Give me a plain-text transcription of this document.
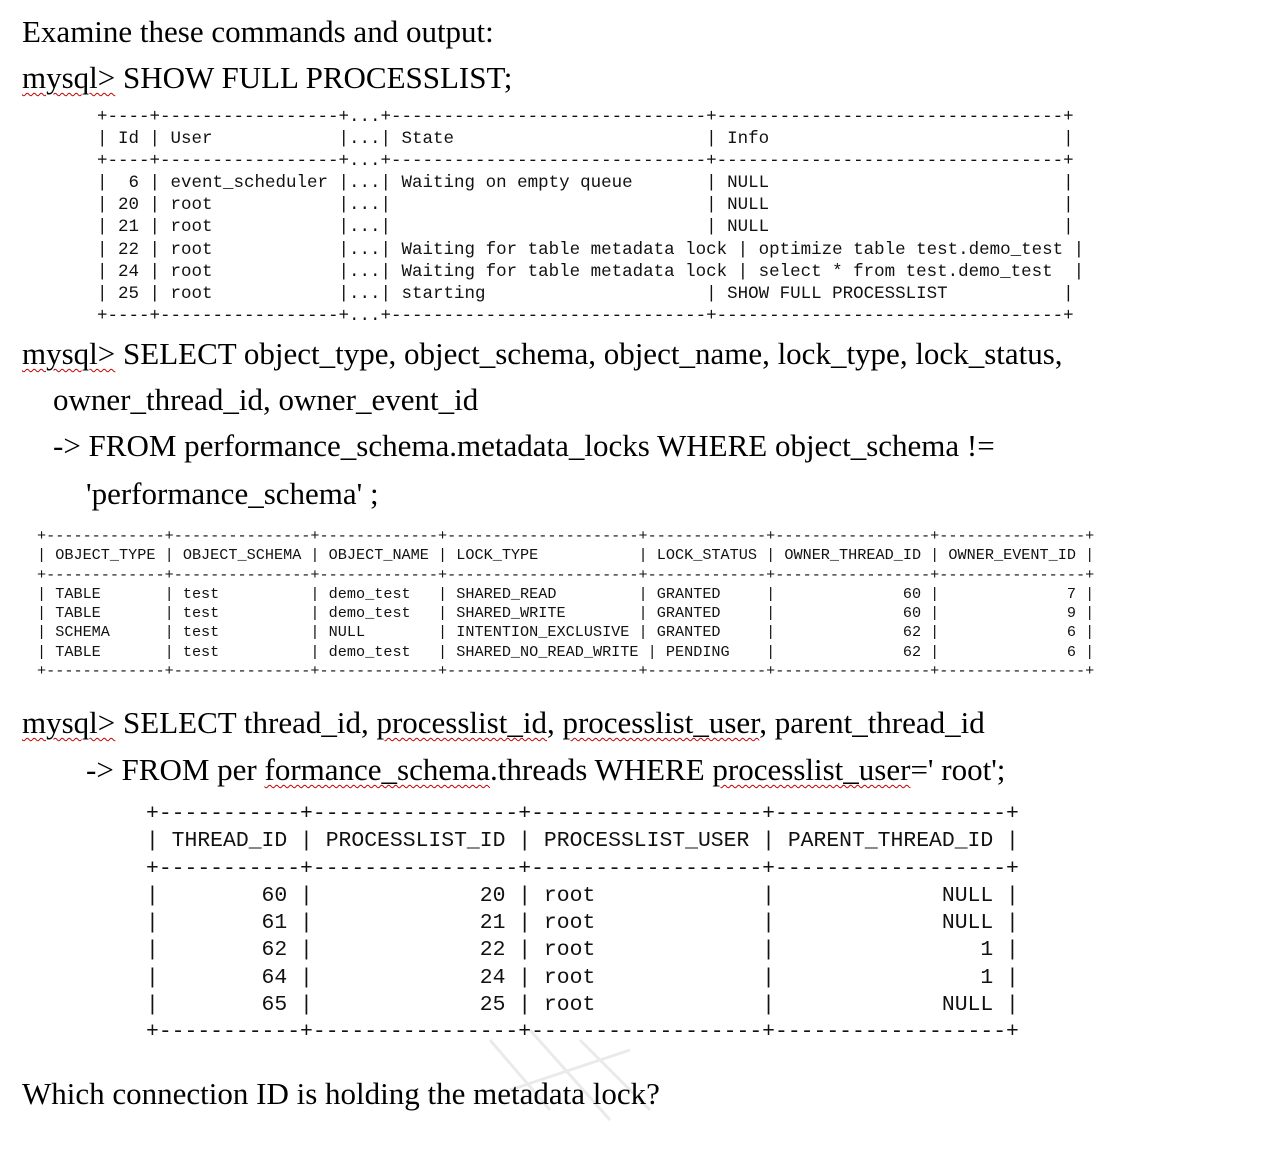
Examine these commands and output:

mysql> SHOW FULL PROCESSLIST;

+----+-----------------+...+------------------------------+---------------------------------+
| Id | User            |...| State                        | Info                            |
+----+-----------------+...+------------------------------+---------------------------------+
|  6 | event_scheduler |...| Waiting on empty queue       | NULL                            |
| 20 | root            |...|                              | NULL                            |
| 21 | root            |...|                              | NULL                            |
| 22 | root            |...| Waiting for table metadata lock | optimize table test.demo_test |
| 24 | root            |...| Waiting for table metadata lock | select * from test.demo_test  |
| 25 | root            |...| starting                     | SHOW FULL PROCESSLIST           |
+----+-----------------+...+------------------------------+---------------------------------+

mysql> SELECT object_type, object_schema, object_name, lock_type, lock_status,

owner_thread_id, owner_event_id

-> FROM performance_schema.metadata_locks WHERE object_schema !=

'performance_schema' ;

+-------------+---------------+-------------+---------------------+-------------+-----------------+----------------+
| OBJECT_TYPE | OBJECT_SCHEMA | OBJECT_NAME | LOCK_TYPE           | LOCK_STATUS | OWNER_THREAD_ID | OWNER_EVENT_ID |
+-------------+---------------+-------------+---------------------+-------------+-----------------+----------------+
| TABLE       | test          | demo_test   | SHARED_READ         | GRANTED     |              60 |              7 |
| TABLE       | test          | demo_test   | SHARED_WRITE        | GRANTED     |              60 |              9 |
| SCHEMA      | test          | NULL        | INTENTION_EXCLUSIVE | GRANTED     |              62 |              6 |
| TABLE       | test          | demo_test   | SHARED_NO_READ_WRITE | PENDING    |              62 |              6 |
+-------------+---------------+-------------+---------------------+-------------+-----------------+----------------+

mysql> SELECT thread_id, processlist_id, processlist_user, parent_thread_id

-> FROM per formance_schema.threads WHERE processlist_user=' root';

+-----------+----------------+------------------+------------------+
| THREAD_ID | PROCESSLIST_ID | PROCESSLIST_USER | PARENT_THREAD_ID |
+-----------+----------------+------------------+------------------+
|        60 |             20 | root             |             NULL |
|        61 |             21 | root             |             NULL |
|        62 |             22 | root             |                1 |
|        64 |             24 | root             |                1 |
|        65 |             25 | root             |             NULL |
+-----------+----------------+------------------+------------------+

Which connection ID is holding the metadata lock?
